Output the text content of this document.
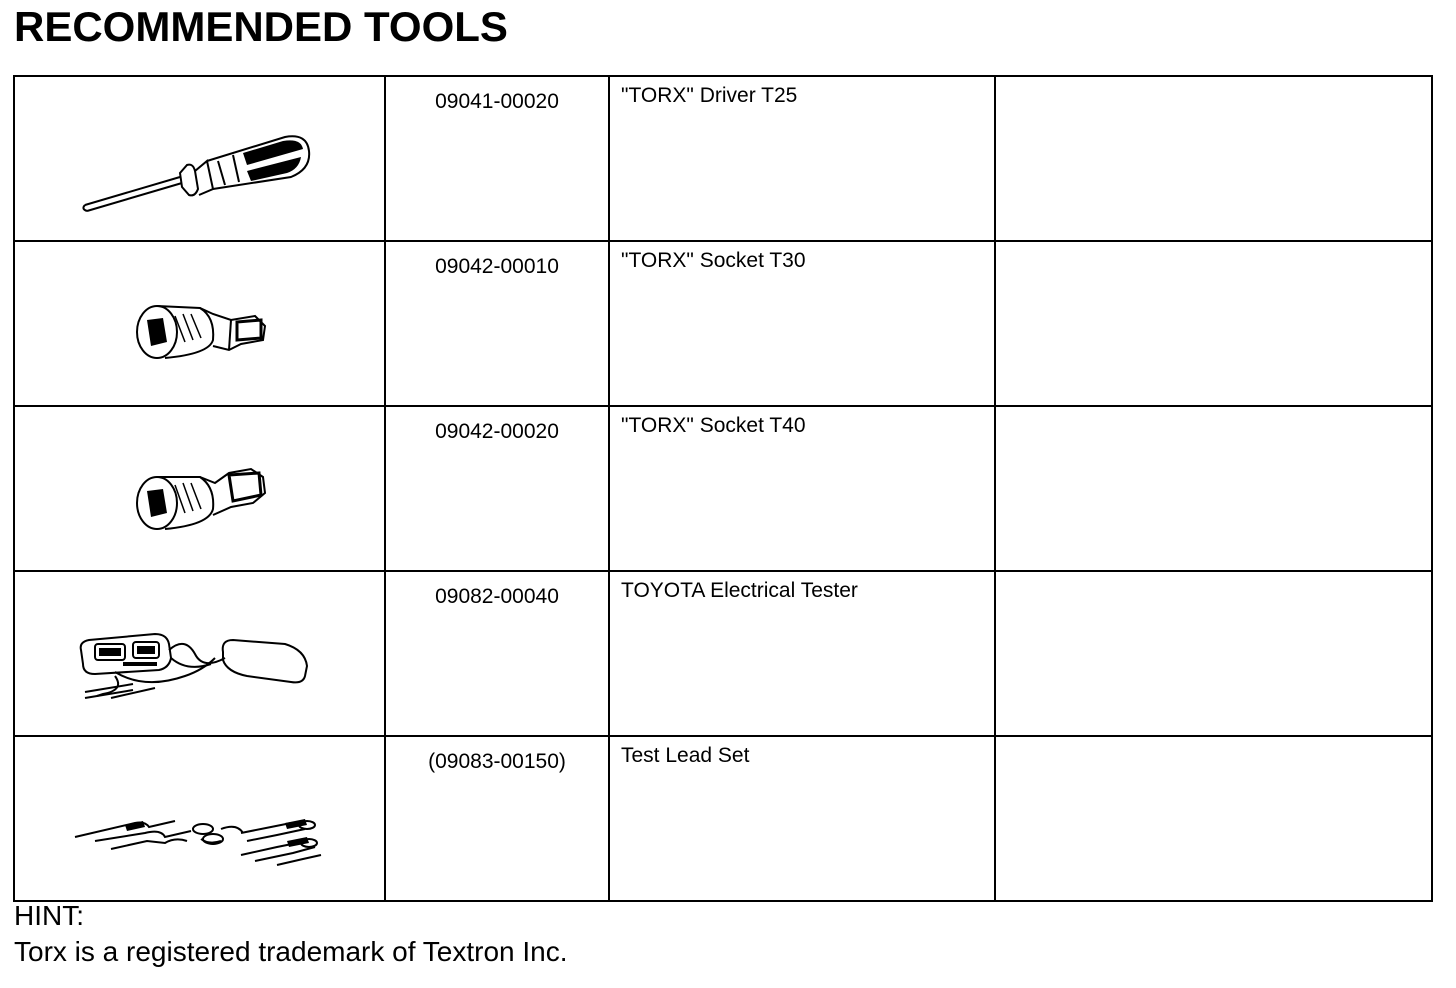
RECOMMENDED TOOLS

09041-00020	"TORX" Driver T25	

09042-00010	"TORX" Socket T30	

09042-00020	"TORX" Socket T40	

09082-00040	TOYOTA Electrical Tester	

(09083-00150)	Test Lead Set	

HINT:
Torx is a registered trademark of Textron Inc.
